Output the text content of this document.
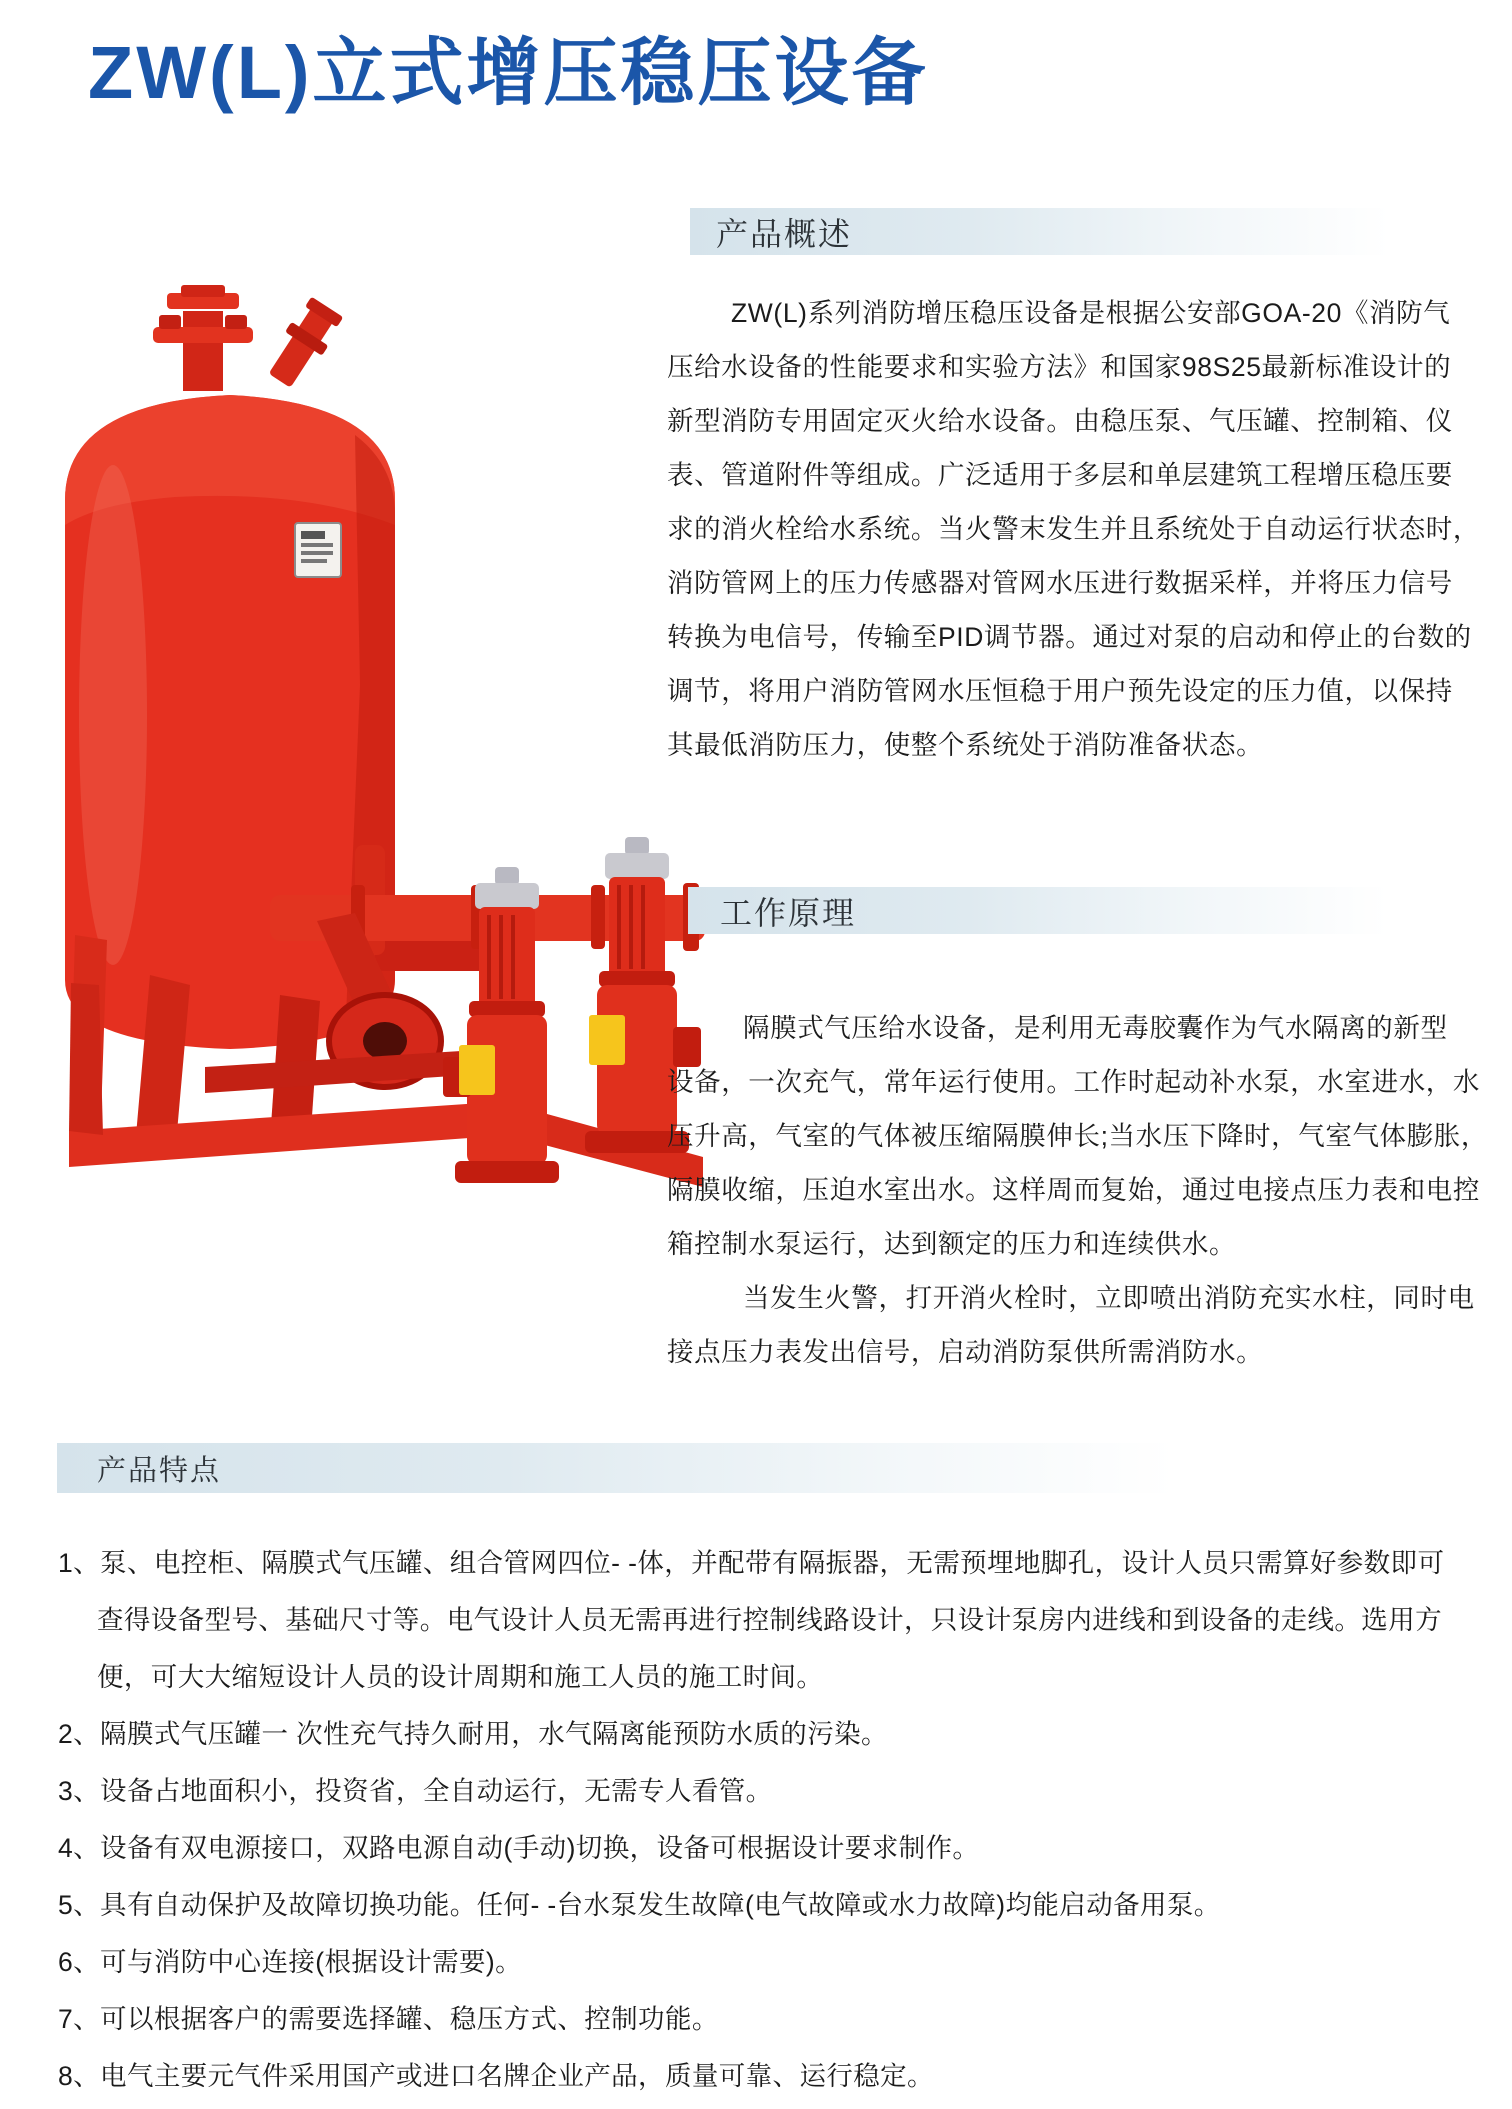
ZW(L)立式增压稳压设备
产品概述
ZW(L)系列消防增压稳压设备是根据公安部GOA-20《消防气
压给水设备的性能要求和实验方法》和国家98S25最新标准设计的
新型消防专用固定灭火给水设备。由稳压泵、气压罐、控制箱、仪
表、管道附件等组成。广泛适用于多层和单层建筑工程增压稳压要
求的消火栓给水系统。当火警末发生并且系统处于自动运行状态时，
消防管网上的压力传感器对管网水压进行数据采样，并将压力信号
转换为电信号，传输至PID调节器。通过对泵的启动和停止的台数的
调节，将用户消防管网水压恒稳于用户预先设定的压力值，以保持
其最低消防压力，使整个系统处于消防准备状态。
工作原理
隔膜式气压给水设备，是利用无毒胶囊作为气水隔离的新型
设备，一次充气，常年运行使用。工作时起动补水泵，水室进水，水
压升高，气室的气体被压缩隔膜伸长;当水压下降时，气室气体膨胀，
隔膜收缩，压迫水室出水。这样周而复始，通过电接点压力表和电控
箱控制水泵运行，达到额定的压力和连续供水。
当发生火警，打开消火栓时，立即喷出消防充实水柱，同时电
接点压力表发出信号，启动消防泵供所需消防水。
产品特点
1、泵、电控柜、隔膜式气压罐、组合管网四位- -体，并配带有隔振器，无需预埋地脚孔，设计人员只需算好参数即可查得设备型号、基础尺寸等。电气设计人员无需再进行控制线路设计，只设计泵房内进线和到设备的走线。选用方便，可大大缩短设计人员的设计周期和施工人员的施工时间。
2、隔膜式气压罐一 次性充气持久耐用，水气隔离能预防水质的污染。
3、设备占地面积小，投资省，全自动运行，无需专人看管。
4、设备有双电源接口，双路电源自动(手动)切换，设备可根据设计要求制作。
5、具有自动保护及故障切换功能。任何- -台水泵发生故障(电气故障或水力故障)均能启动备用泵。
6、可与消防中心连接(根据设计需要)。
7、可以根据客户的需要选择罐、稳压方式、控制功能。
8、电气主要元气件采用国产或进口名牌企业产品，质量可靠、运行稳定。
